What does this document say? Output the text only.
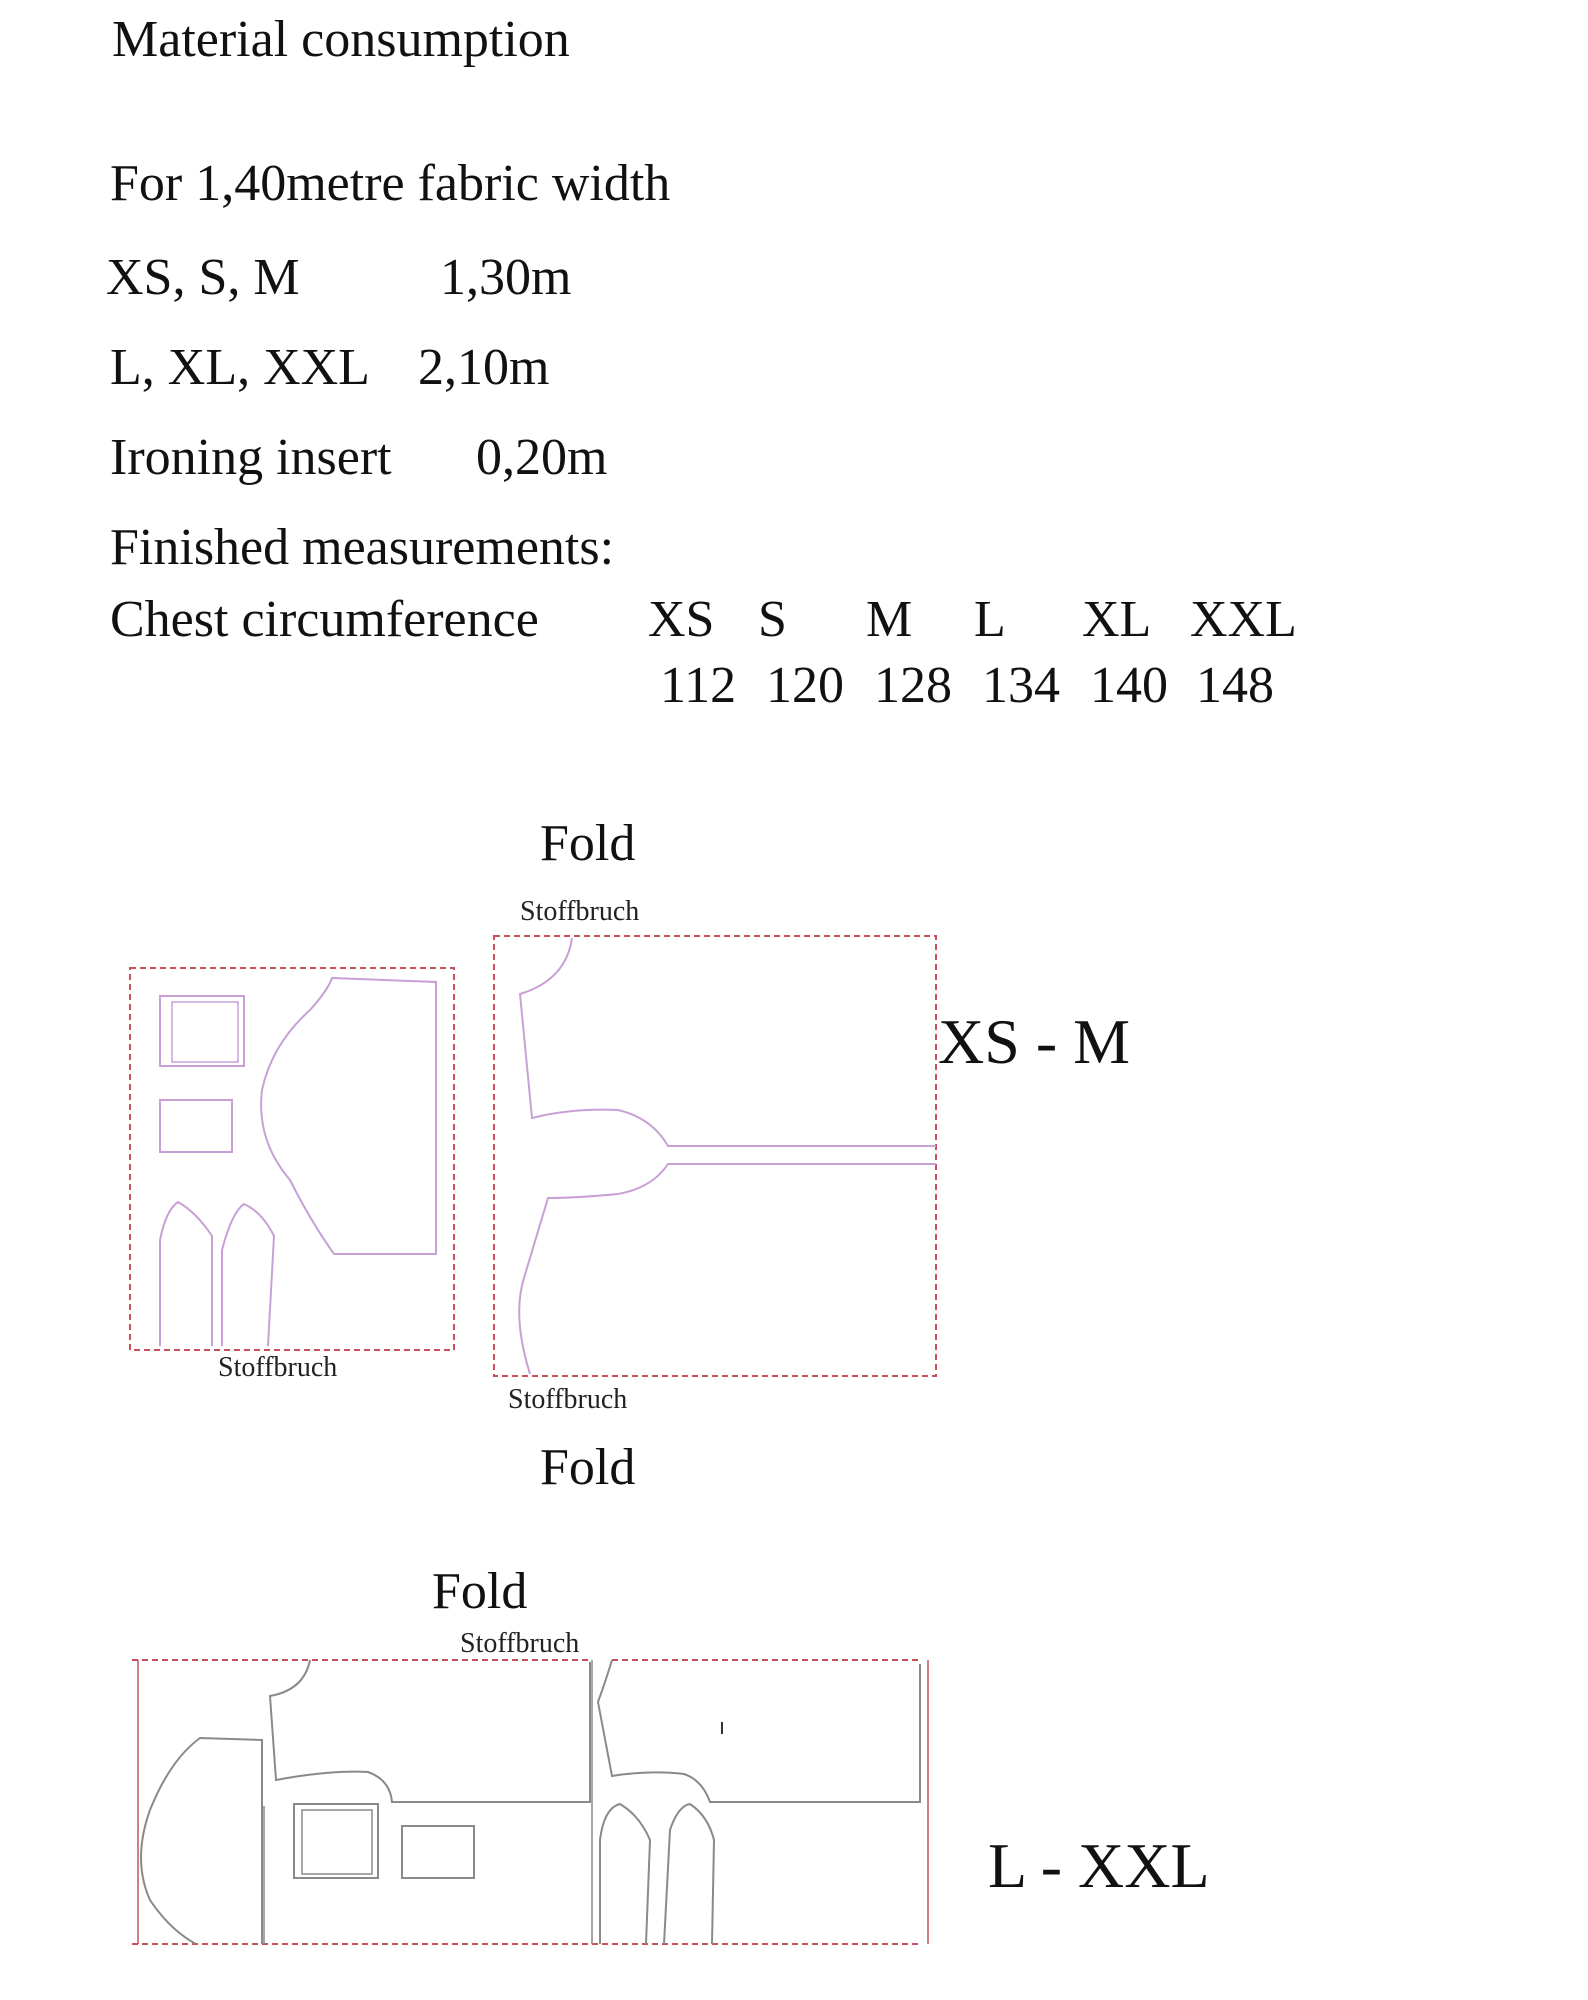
Material consumption
For 1,40metre fabric width
XS, S, M	1,30m
L, XL, XXL 2,10m
Ironing insert 0,20m
Finished measurements:
Chest circumference XS S M L XL XXL
112 120 128 134 140 148
Fold
Stoffbruch
Stoffbruch
Stoffbruch
Fold
XS - M
Fold
Stoffbruch
L - XXL
